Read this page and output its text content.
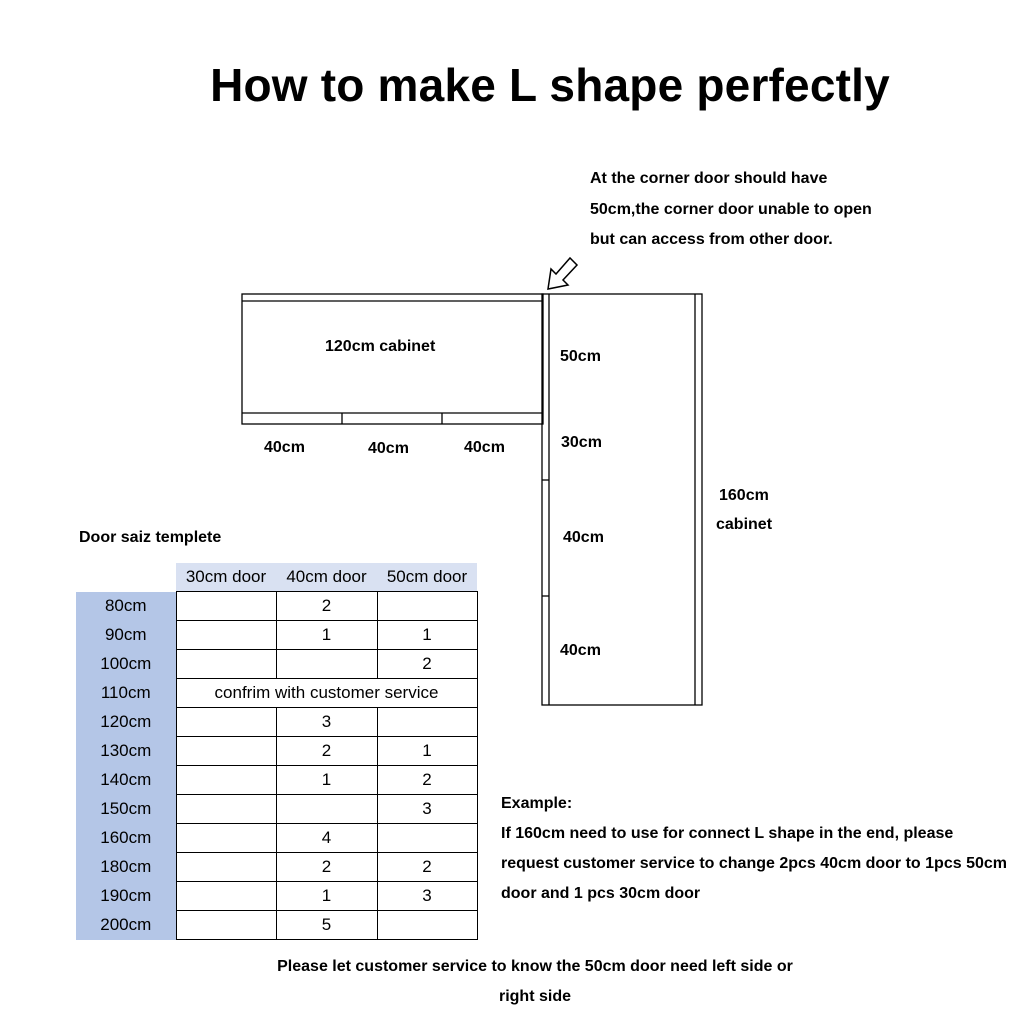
How to make L shape perfectly
At the corner door should have 50cm,the corner door unable to open but can access from other door.
120cm cabinet
40cm	40cm	40cm
50cm
30cm
40cm
40cm
160cm
cabinet
Door saiz templete
	30cm door	40cm door	50cm door
80cm		2	
90cm		1	1
100cm			2
110cm	confrim with customer service		
120cm		3	
130cm		2	1
140cm		1	2
150cm			3
160cm		4	
180cm		2	2
190cm		1	3
200cm		5	
Example:
If 160cm need to use for connect L shape in the end, please request customer service to change 2pcs 40cm door to 1pcs 50cm door and 1 pcs 30cm door
Please let customer service to know the 50cm door need left side or right side
